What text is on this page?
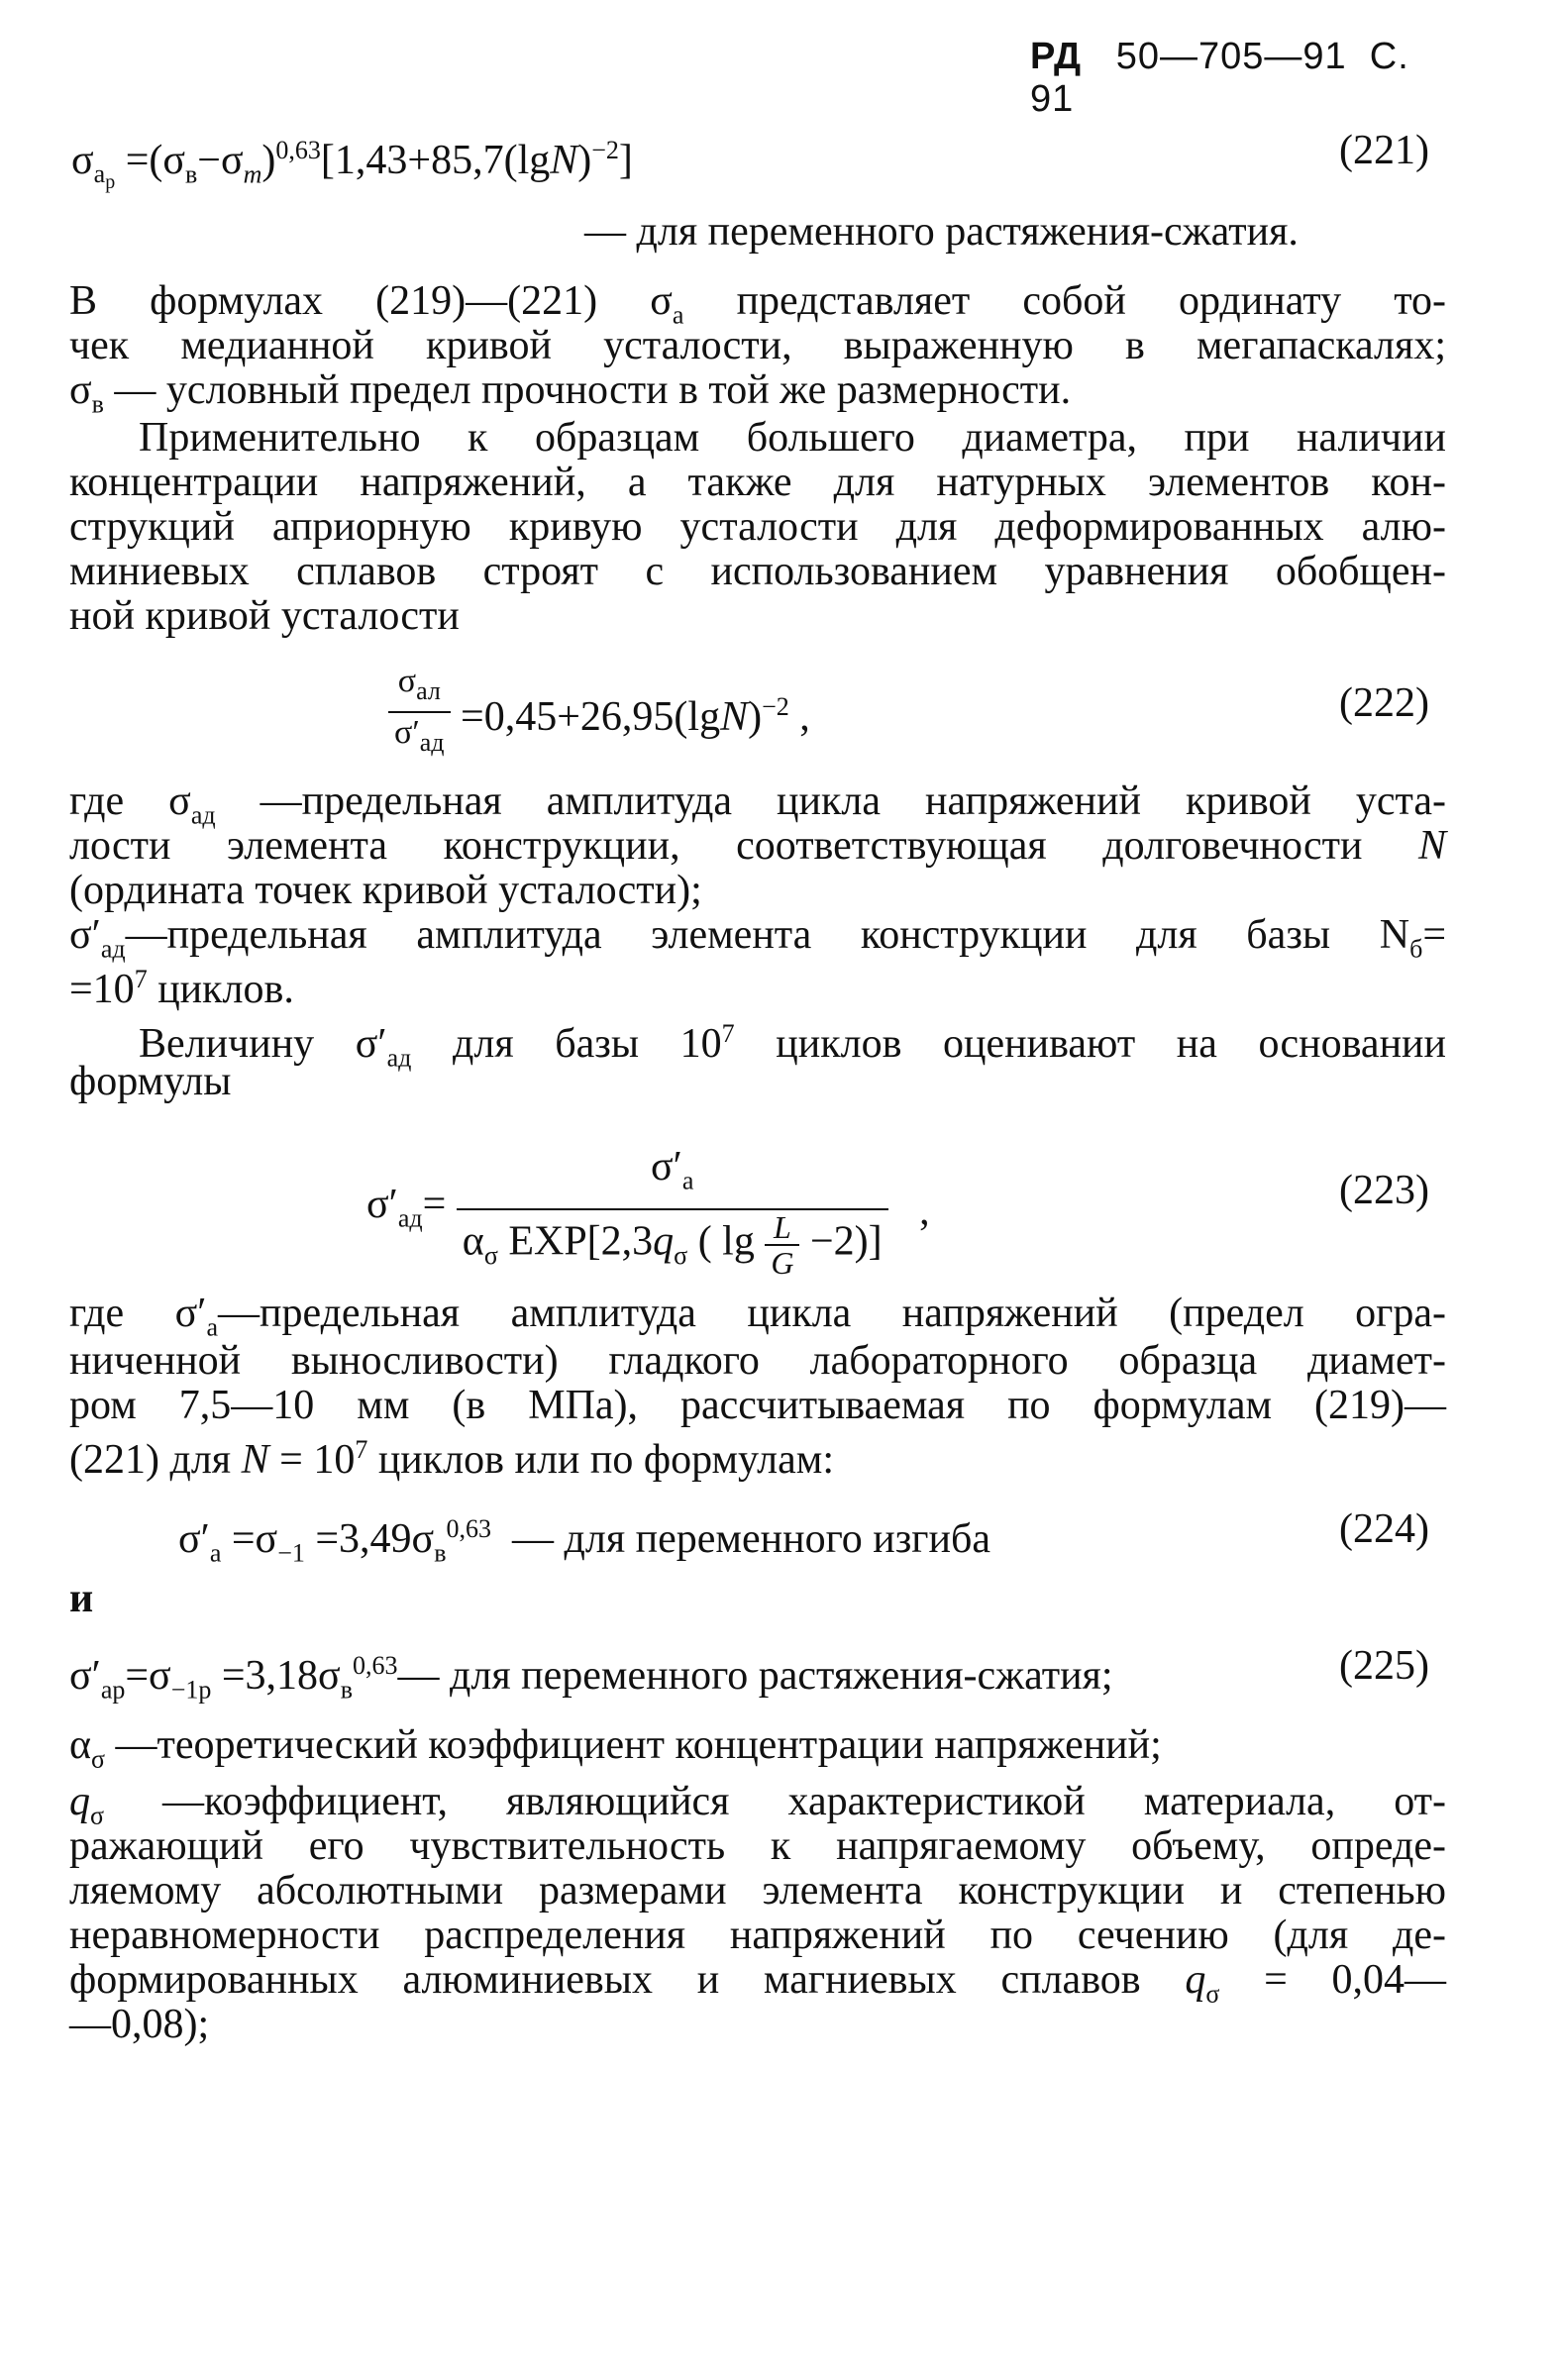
РД 50—705—91 С. 91
$\sigma_{a_p} =(\sigma_в-\sigma_m)^{0,63}[1,43+85,7(\lg N)^{-2}]$	(221)
— для переменного растяжения-сжатия.
В формулах (219)—(221) $\sigma_a$ представляет собой ординату то-
чек медианной кривой усталости, выраженную в мегапаскалях;
$\sigma_в$ — условный предел прочности в той же размерности.
Применительно к образцам большего диаметра, при наличии
концентрации напряжений, а также для натурных элементов кон-
струкций априорную кривую усталости для деформированных алю-
миниевых сплавов строят с использованием уравнения обобщен-
ной кривой усталости
$\frac{\sigma_{ал}}{\sigma'_{ад}} =0,45+26,95(\lg N)^{-2}$ ,	(222)
где $\sigma_{ад}$ —предельная амплитуда цикла напряжений кривой уста-
лости элемента конструкции, соответствующая долговечности N
(ордината точек кривой усталости);
$\sigma'_{ад}—предельная$ амплитуда элемента конструкции для базы $N_б=$
$=10^7$ циклов.
Величину $\sigma'_{ад}$ для базы $10^7$ циклов оценивают на основании
формулы
$\sigma'_{ад}= \frac{\sigma'_a}{\alpha_\sigma EXP[2,3q_\sigma ( \lg \frac{L}{G} -2)]}$ ,	(223)
где $\sigma'_a—предельная$ амплитуда цикла напряжений (предел огра-
ниченной выносливости) гладкого лабораторного образца диамет-
ром 7,5—10 мм (в МПа), рассчитываемая по формулам (219)—
(221) для $N = 10^7$ циклов или по формулам:
$\sigma'_a =\sigma_{-1} =3,49\sigma_в^{0,63}$  — для переменного изгиба	(224)
и
$\sigma'_{ap}=\sigma_{-1p}$ $=3,18\sigma_в^{0,63}—$ для переменного растяжения-сжатия;	(225)
$\alpha_\sigma$ —теоретический коэффициент концентрации напряжений;
$q_\sigma$ —коэффициент, являющийся характеристикой материала, от-
ражающий его чувствительность к напрягаемому объему, опреде-
ляемому абсолютными размерами элемента конструкции и степенью
неравномерности распределения напряжений по сечению (для де-
формированных алюминиевых и магниевых сплавов $q_\sigma$ = 0,04—
—0,08);
